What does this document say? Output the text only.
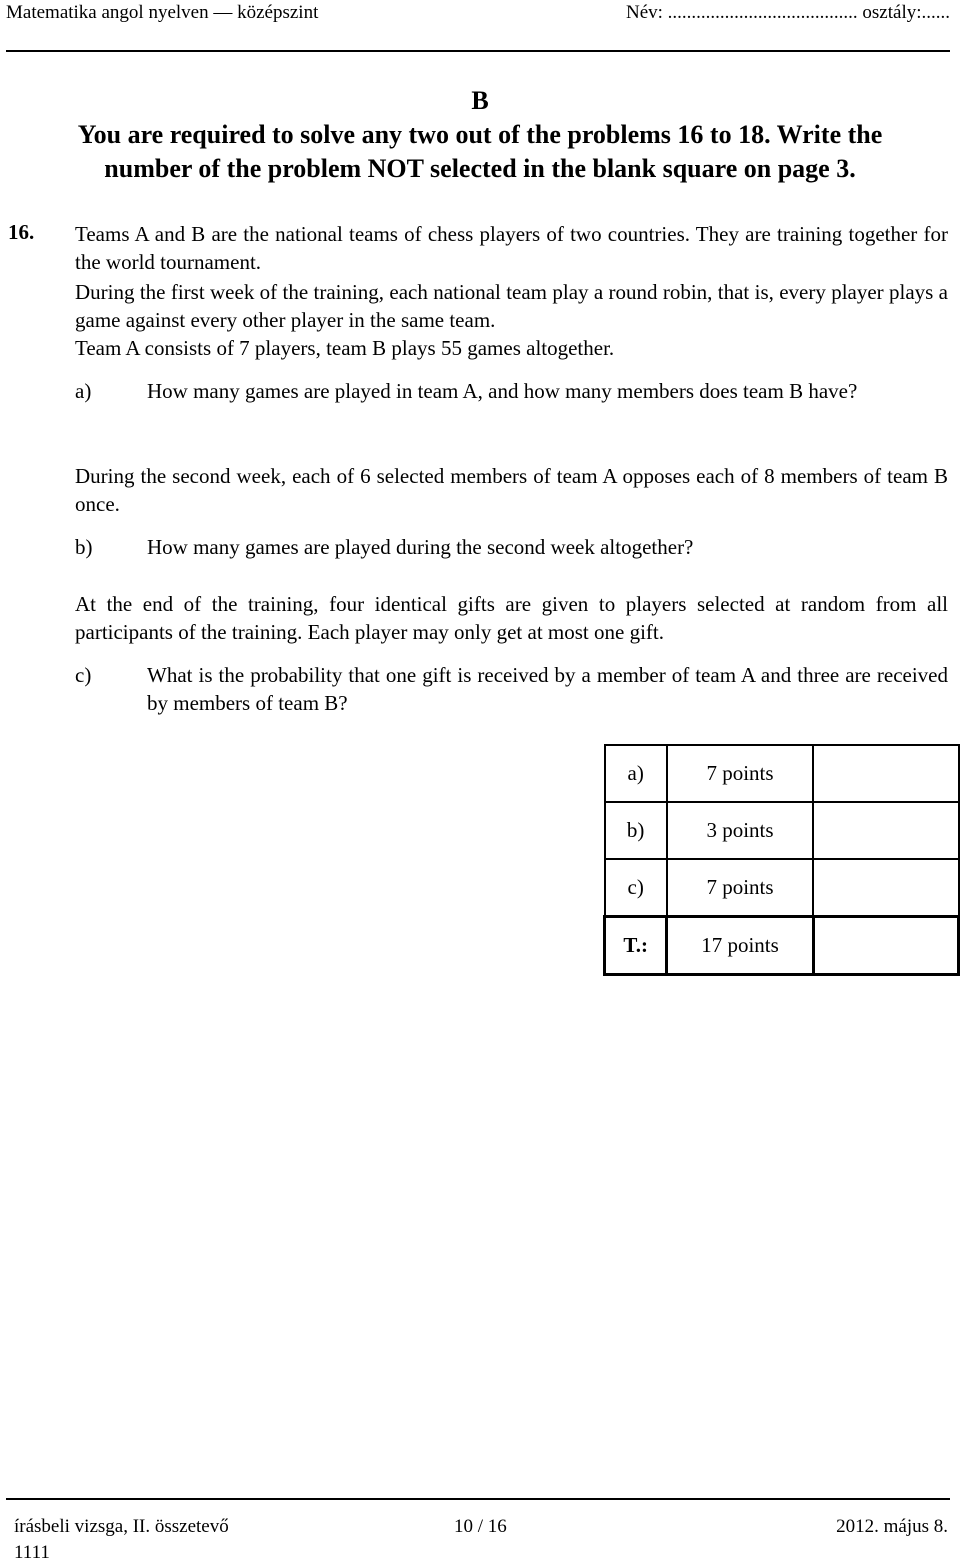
Matematika angol nyelven — középszint	Név: ........................................ osztály:......
B
You are required to solve any two out of the problems 16 to 18. Write the
number of the problem NOT selected in the blank square on page 3.
16. Teams A and B are the national teams of chess players of two countries. They are training together for the world tournament.
During the first week of the training, each national team play a round robin, that is, every player plays a game against every other player in the same team.
Team A consists of 7 players, team B plays 55 games altogether.
a)	How many games are played in team A, and how many members does team B have?
During the second week, each of 6 selected members of team A opposes each of 8 members of team B once.
b)	How many games are played during the second week altogether?
At the end of the training, four identical gifts are given to players selected at random from all participants of the training. Each player may only get at most one gift.
c)	What is the probability that one gift is received by a member of team A and three are received by members of team B?
a)	7 points	
b)	3 points	
c)	7 points	
T.:	17 points	
írásbeli vizsga, II. összetevő	10 / 16	2012. május 8.
1111
